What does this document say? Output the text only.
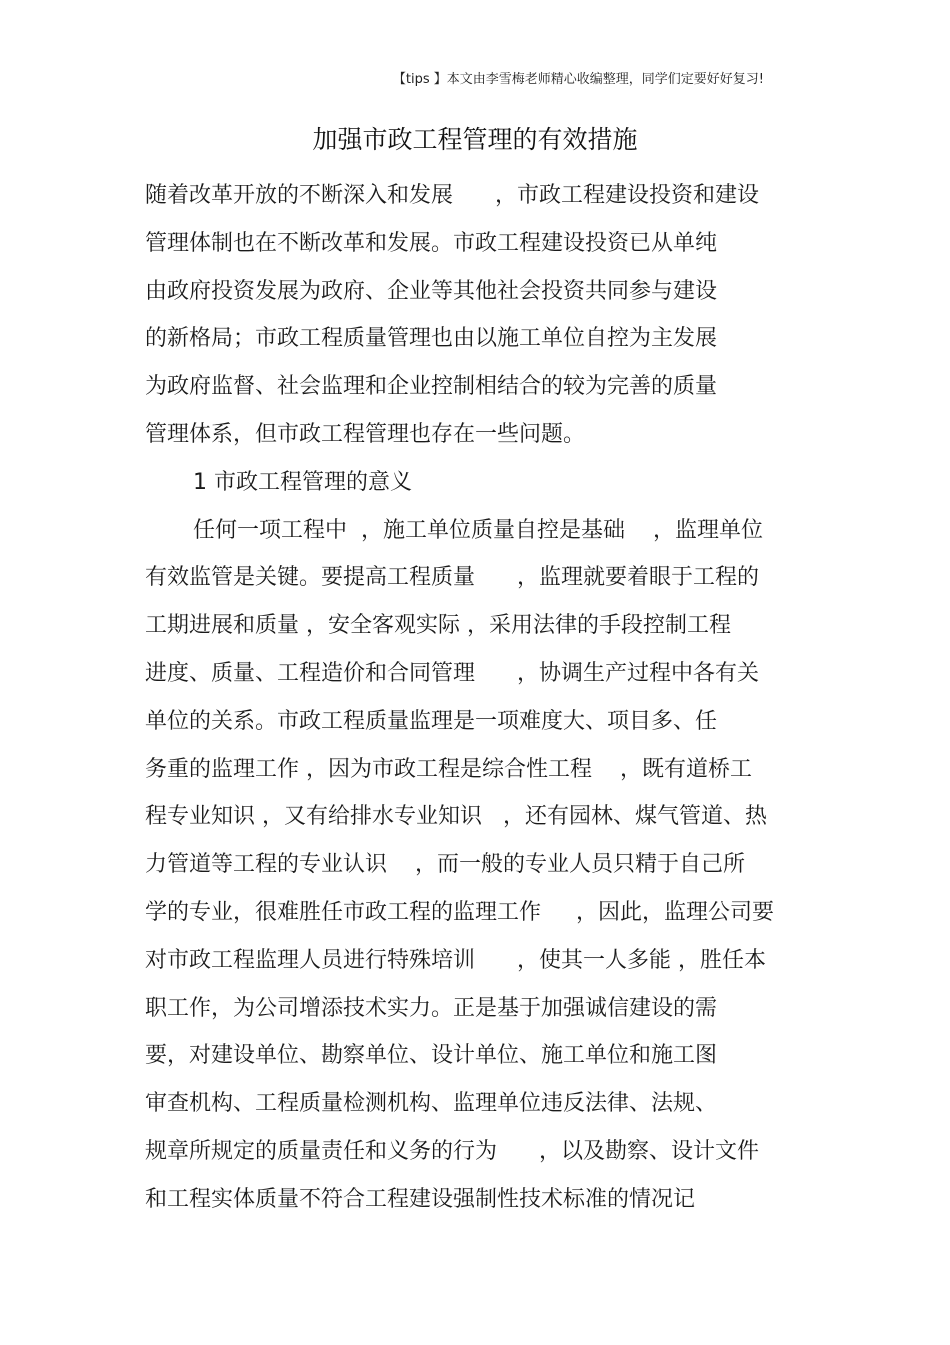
【tips 】本文由李雪梅老师精心收编整理，同学们定要好好复习!
加强市政工程管理的有效措施
随着改革开放的不断深入和发展      ，市政工程建设投资和建设
管理体制也在不断改革和发展。市政工程建设投资已从单纯
由政府投资发展为政府、企业等其他社会投资共同参与建设
的新格局；市政工程质量管理也由以施工单位自控为主发展
为政府监督、社会监理和企业控制相结合的较为完善的质量
管理体系，但市政工程管理也存在一些问题。
1 市政工程管理的意义
任何一项工程中  ，施工单位质量自控是基础    ，监理单位
有效监管是关键。要提高工程质量      ，监理就要着眼于工程的
工期进展和质量 ，安全客观实际 ，采用法律的手段控制工程
进度、质量、工程造价和合同管理      ，协调生产过程中各有关
单位的关系。市政工程质量监理是一项难度大、项目多、任
务重的监理工作 ，因为市政工程是综合性工程    ，既有道桥工
程专业知识 ，又有给排水专业知识   ，还有园林、煤气管道、热
力管道等工程的专业认识    ，而一般的专业人员只精于自己所
学的专业，很难胜任市政工程的监理工作     ，因此，监理公司要
对市政工程监理人员进行特殊培训      ，使其一人多能 ，胜任本
职工作，为公司增添技术实力。正是基于加强诚信建设的需
要，对建设单位、勘察单位、设计单位、施工单位和施工图
审查机构、工程质量检测机构、监理单位违反法律、法规、
规章所规定的质量责任和义务的行为      ，以及勘察、设计文件
和工程实体质量不符合工程建设强制性技术标准的情况记
